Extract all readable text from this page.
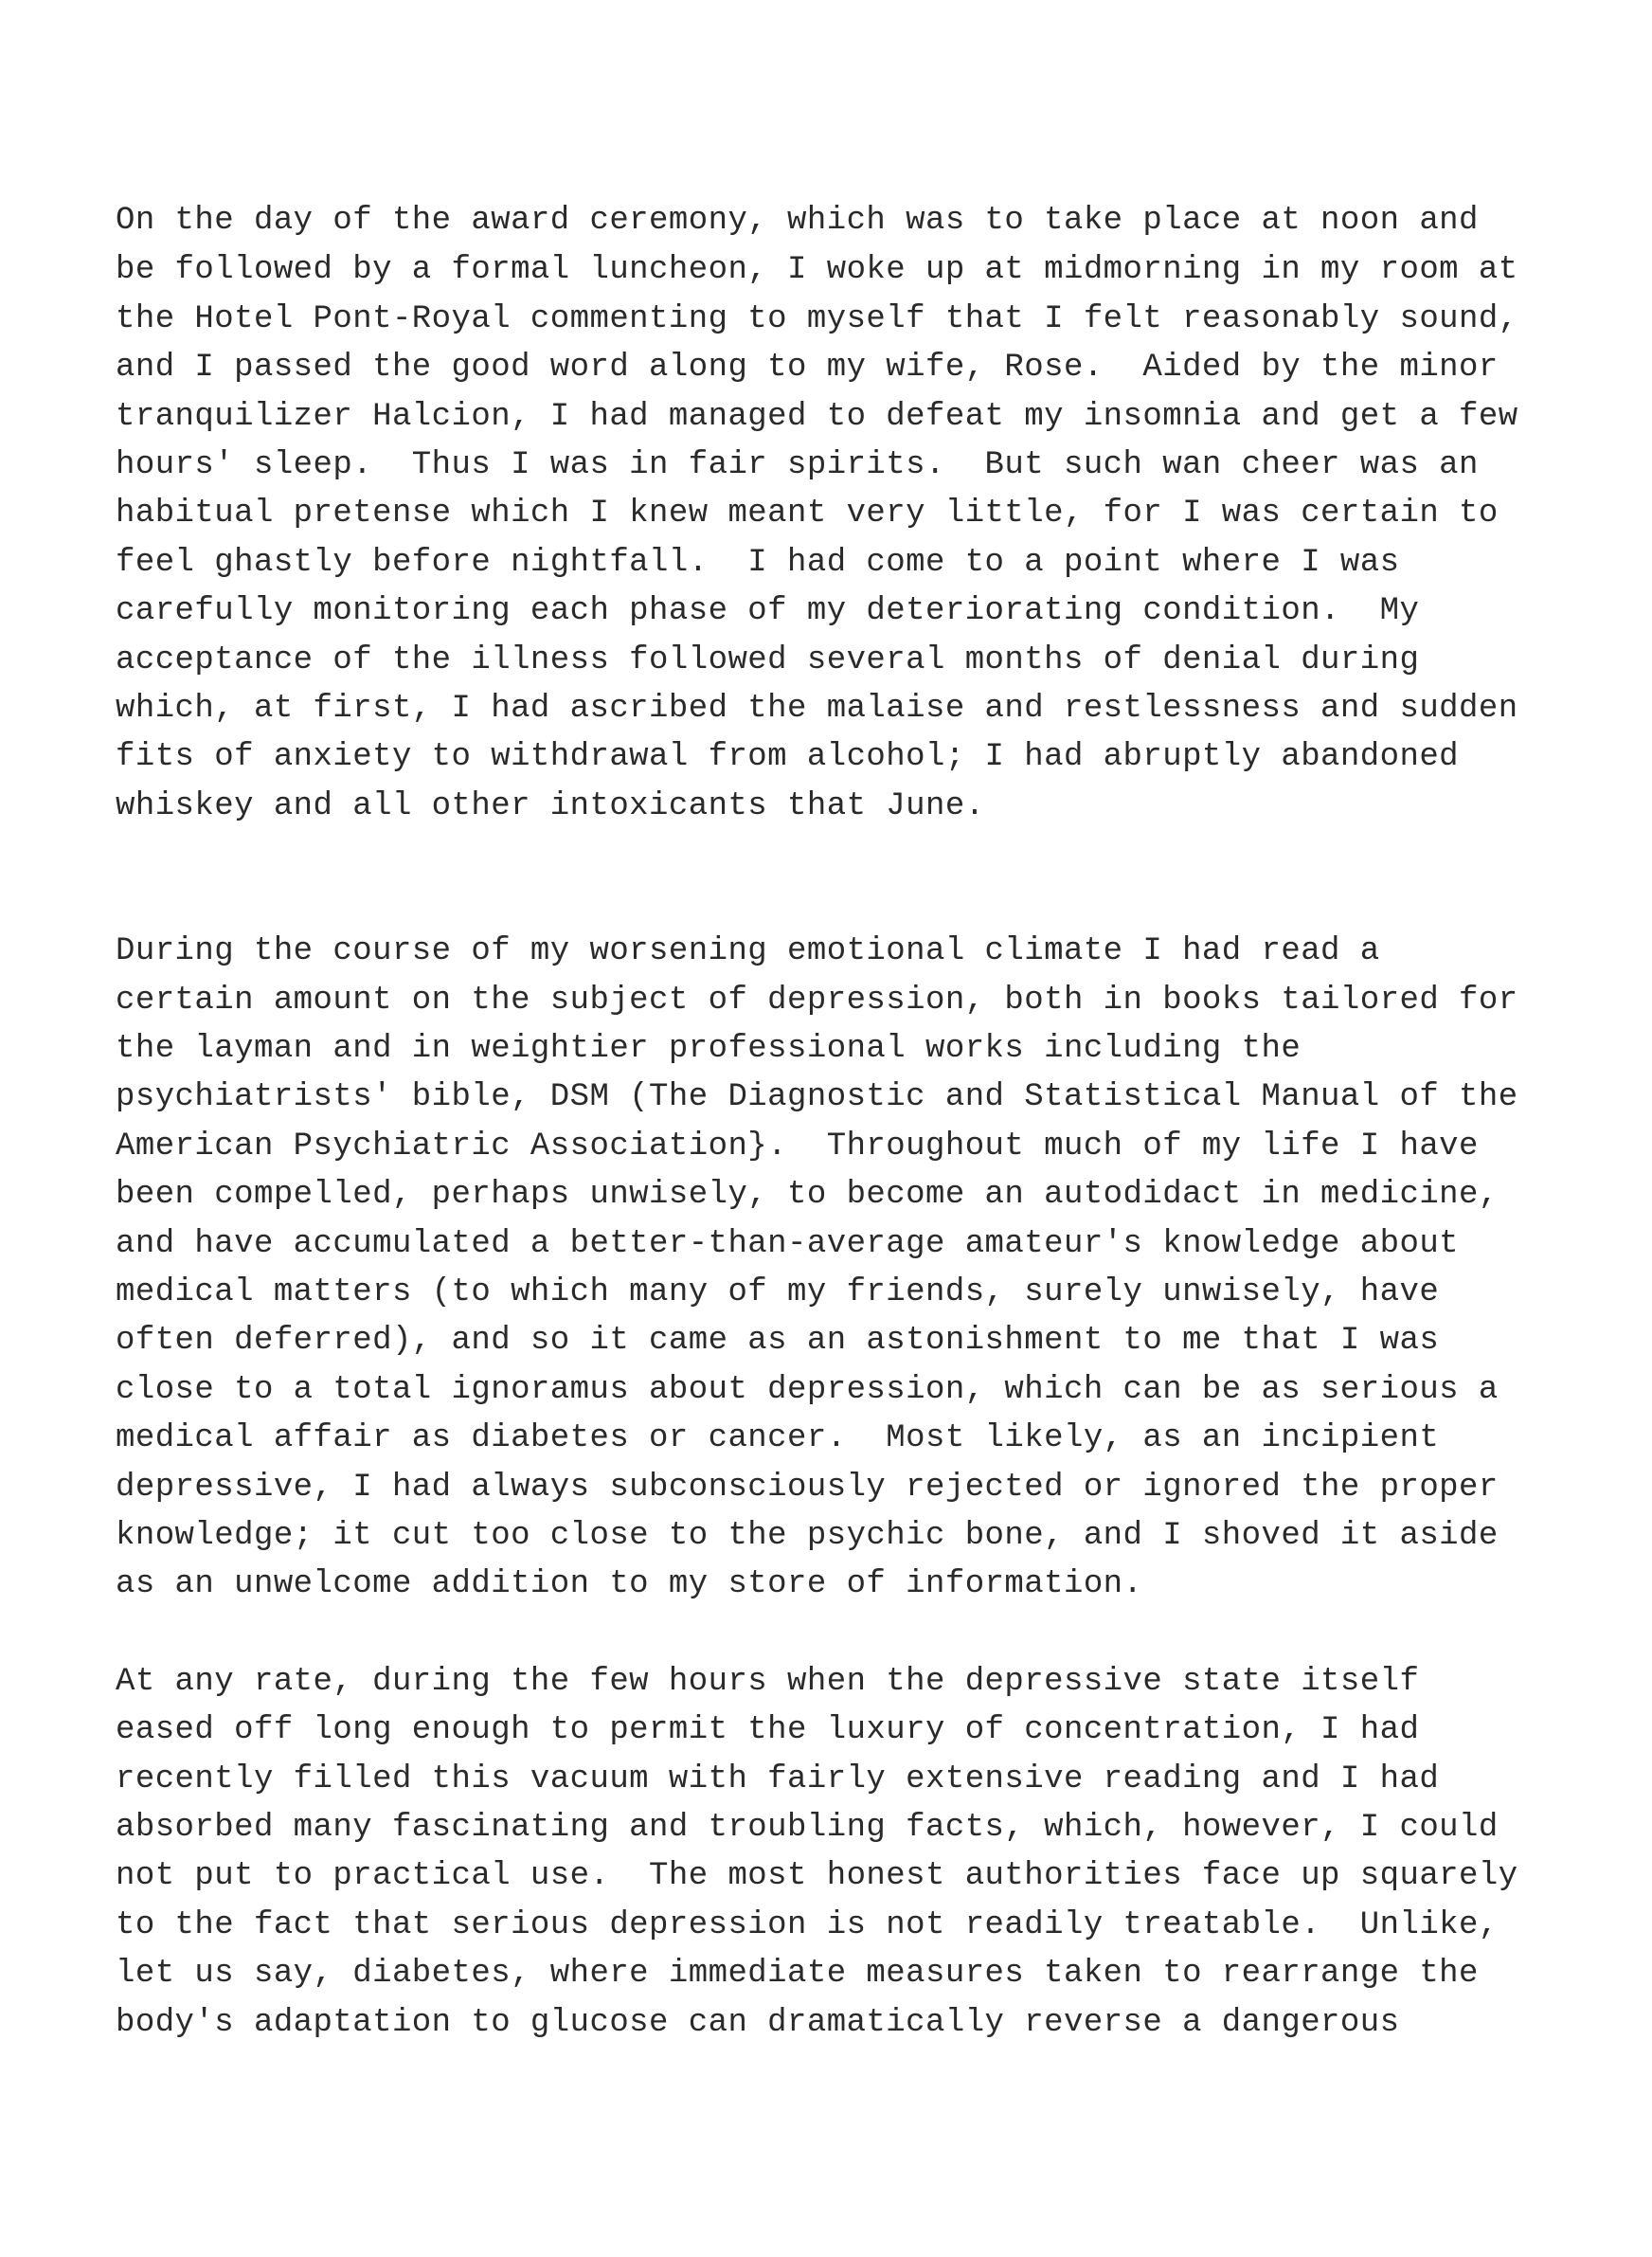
On the day of the award ceremony, which was to take place at noon and

be followed by a formal luncheon, I woke up at midmorning in my room at

the Hotel Pont-Royal commenting to myself that I felt reasonably sound,

and I passed the good word along to my wife, Rose.  Aided by the minor

tranquilizer Halcion, I had managed to defeat my insomnia and get a few

hours' sleep.  Thus I was in fair spirits.  But such wan cheer was an

habitual pretense which I knew meant very little, for I was certain to

feel ghastly before nightfall.  I had come to a point where I was

carefully monitoring each phase of my deteriorating condition.  My

acceptance of the illness followed several months of denial during

which, at first, I had ascribed the malaise and restlessness and sudden

fits of anxiety to withdrawal from alcohol; I had abruptly abandoned

whiskey and all other intoxicants that June.

During the course of my worsening emotional climate I had read a

certain amount on the subject of depression, both in books tailored for

the layman and in weightier professional works including the

psychiatrists' bible, DSM (The Diagnostic and Statistical Manual of the

American Psychiatric Association}.  Throughout much of my life I have

been compelled, perhaps unwisely, to become an autodidact in medicine,

and have accumulated a better-than-average amateur's knowledge about

medical matters (to which many of my friends, surely unwisely, have

often deferred), and so it came as an astonishment to me that I was

close to a total ignoramus about depression, which can be as serious a

medical affair as diabetes or cancer.  Most likely, as an incipient

depressive, I had always subconsciously rejected or ignored the proper

knowledge; it cut too close to the psychic bone, and I shoved it aside

as an unwelcome addition to my store of information.

At any rate, during the few hours when the depressive state itself

eased off long enough to permit the luxury of concentration, I had

recently filled this vacuum with fairly extensive reading and I had

absorbed many fascinating and troubling facts, which, however, I could

not put to practical use.  The most honest authorities face up squarely

to the fact that serious depression is not readily treatable.  Unlike,

let us say, diabetes, where immediate measures taken to rearrange the

body's adaptation to glucose can dramatically reverse a dangerous
